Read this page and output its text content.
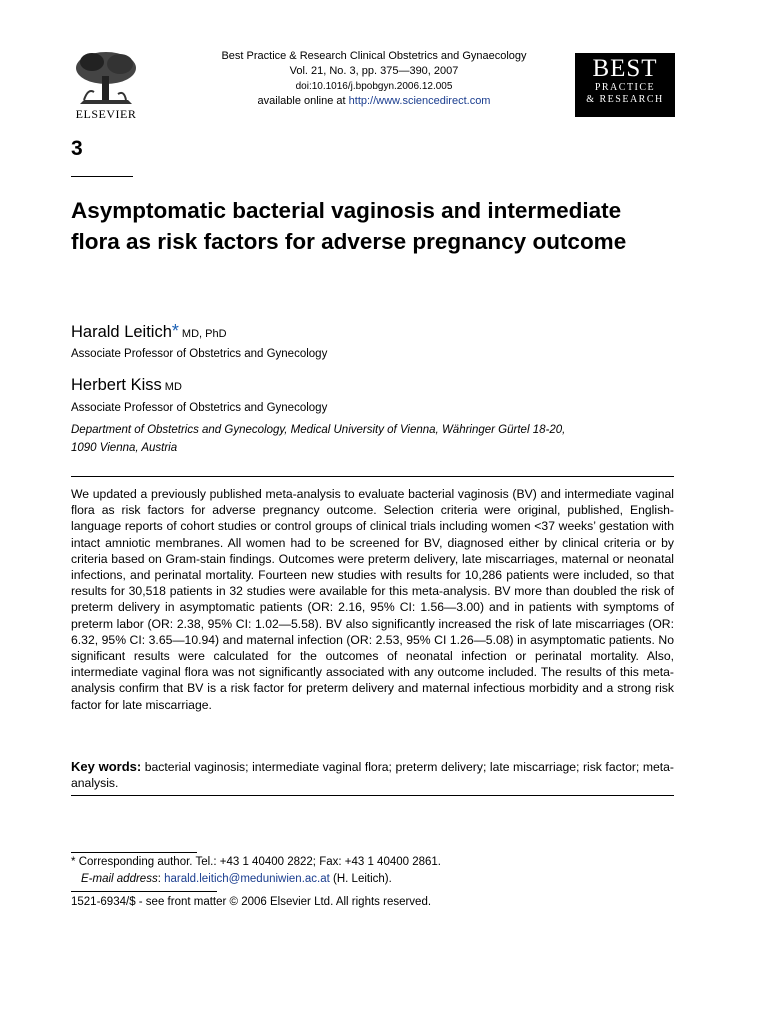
ELSEVIER
Best Practice & Research Clinical Obstetrics and Gynaecology
Vol. 21, No. 3, pp. 375—390, 2007
doi:10.1016/j.bpobgyn.2006.12.005
available online at http://www.sciencedirect.com
BEST
PRACTICE
& RESEARCH
3
Asymptomatic bacterial vaginosis and intermediate flora as risk factors for adverse pregnancy outcome
Harald Leitich* MD, PhD
Associate Professor of Obstetrics and Gynecology
Herbert Kiss MD
Associate Professor of Obstetrics and Gynecology
Department of Obstetrics and Gynecology, Medical University of Vienna, Währinger Gürtel 18-20,
1090 Vienna, Austria

We updated a previously published meta-analysis to evaluate bacterial vaginosis (BV) and intermediate vaginal flora as risk factors for adverse pregnancy outcome. Selection criteria were original, published, English-language reports of cohort studies or control groups of clinical trials including women <37 weeks’ gestation with intact amniotic membranes. All women had to be screened for BV, diagnosed either by clinical criteria or by criteria based on Gram-stain findings. Outcomes were preterm delivery, late miscarriages, maternal or neonatal infections, and perinatal mortality. Fourteen new studies with results for 10,286 patients were included, so that results for 30,518 patients in 32 studies were available for this meta-analysis. BV more than doubled the risk of preterm delivery in asymptomatic patients (OR: 2.16, 95% CI: 1.56—3.00) and in patients with symptoms of preterm labor (OR: 2.38, 95% CI: 1.02—5.58). BV also significantly increased the risk of late miscarriages (OR: 6.32, 95% CI: 3.65—10.94) and maternal infection (OR: 2.53, 95% CI 1.26—5.08) in asymptomatic patients. No significant results were calculated for the outcomes of neonatal infection or perinatal mortality. Also, intermediate vaginal flora was not significantly associated with any outcome included. The results of this meta-analysis confirm that BV is a risk factor for preterm delivery and maternal infectious morbidity and a strong risk factor for late miscarriage.

Key words: bacterial vaginosis; intermediate vaginal flora; preterm delivery; late miscarriage; risk factor; meta-analysis.

* Corresponding author. Tel.: +43 1 40400 2822; Fax: +43 1 40400 2861.
E-mail address: harald.leitich@meduniwien.ac.at (H. Leitich).
1521-6934/$ - see front matter © 2006 Elsevier Ltd. All rights reserved.
